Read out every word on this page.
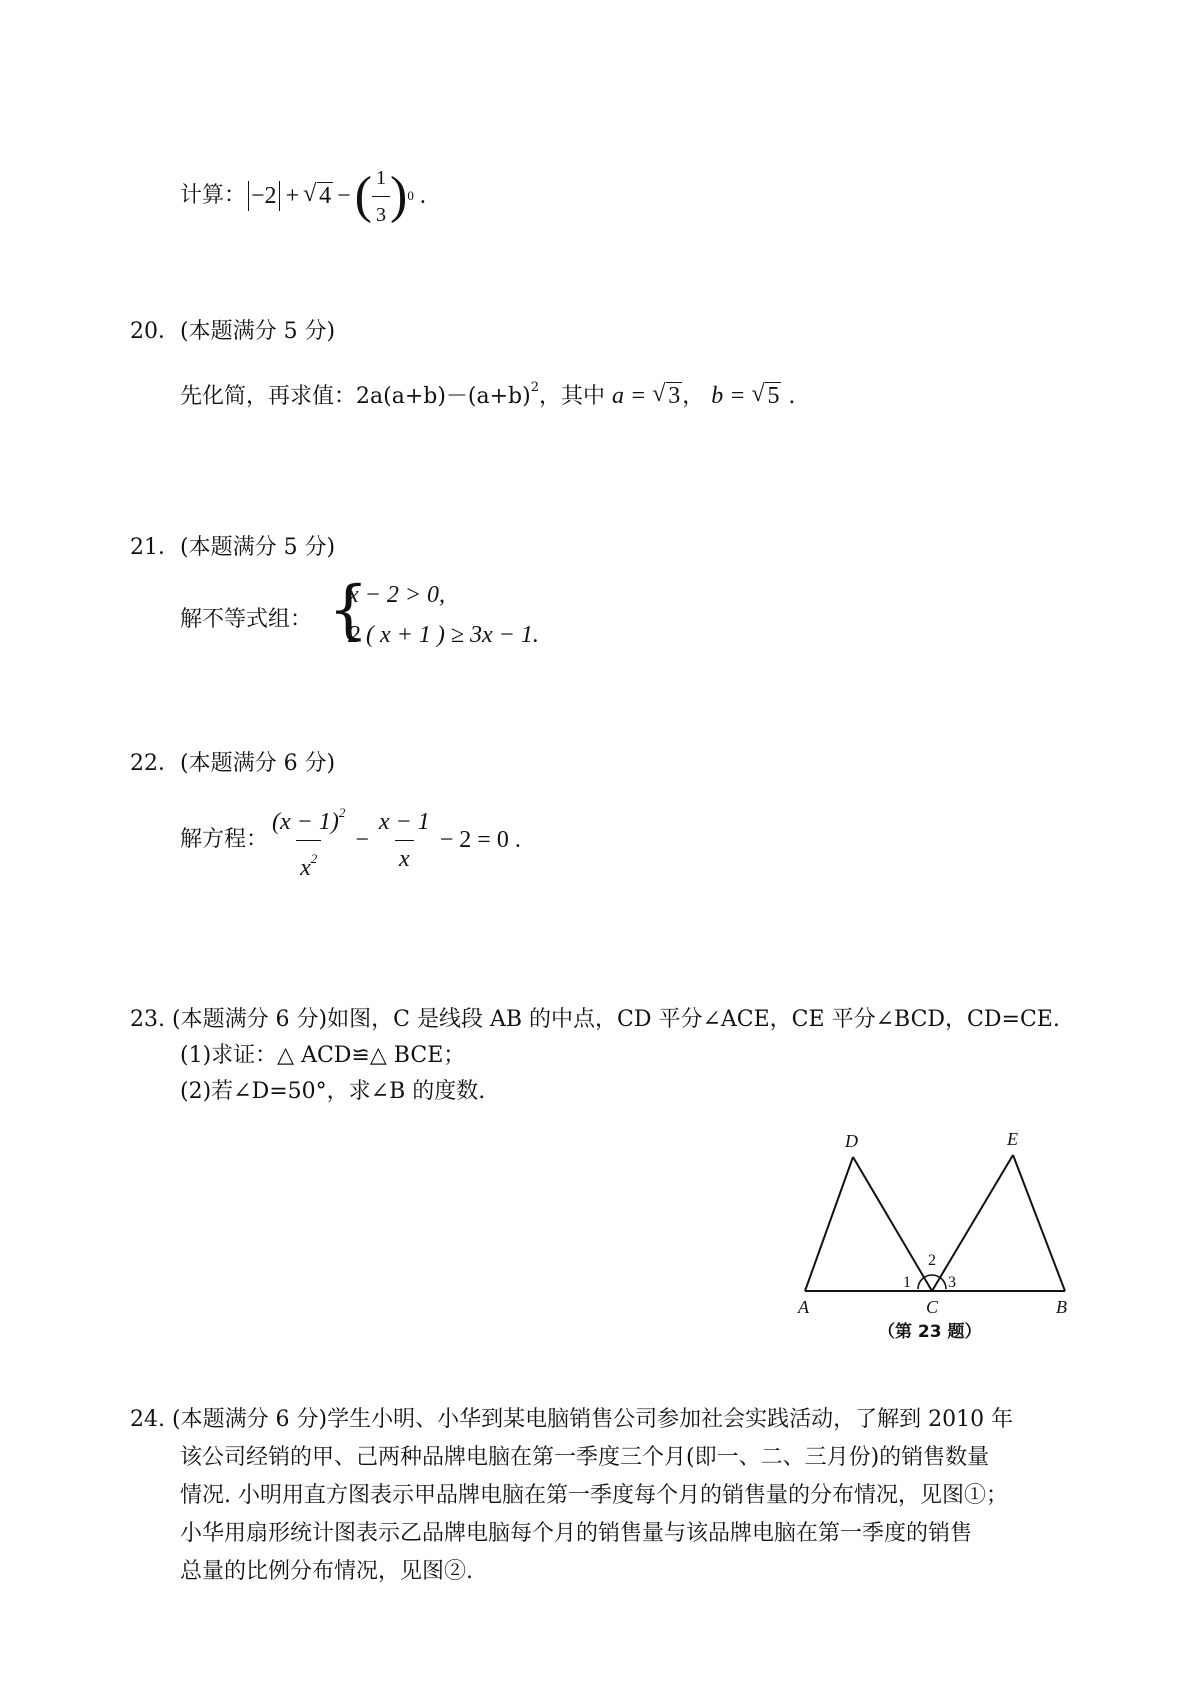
计算： −2 + √ 4 − ( $\frac{1}{3}$ ) 0 .
20．(本题满分 5 分)
先化简，再求值：$2a(a+b)-(a+b)^2$，其中 a = √ 3， b = √ 5 .
21．(本题满分 5 分)
解不等式组： {
x − 2 > 0,
2 ( x + 1 ) ≥ 3x − 1.
22．(本题满分 6 分)
解方程： $\frac{(x - 1)^2}{x^2} - \frac{x - 1}{x} - 2 = 0$ .
23. (本题满分 6 分)如图，C 是线段 AB 的中点，CD 平分∠ACE，CE 平分∠BCD，CD=CE.
(1)求证：△ ACD≌△ BCE；
(2)若∠D=50°，求∠B 的度数.
D	E
A	C	B
1
2
3
（第 23 题）
24. (本题满分 6 分)学生小明、小华到某电脑销售公司参加社会实践活动，了解到 2010 年
该公司经销的甲、己两种品牌电脑在第一季度三个月(即一、二、三月份)的销售数量
情况. 小明用直方图表示甲品牌电脑在第一季度每个月的销售量的分布情况，见图①；
小华用扇形统计图表示乙品牌电脑每个月的销售量与该品牌电脑在第一季度的销售
总量的比例分布情况，见图②.
